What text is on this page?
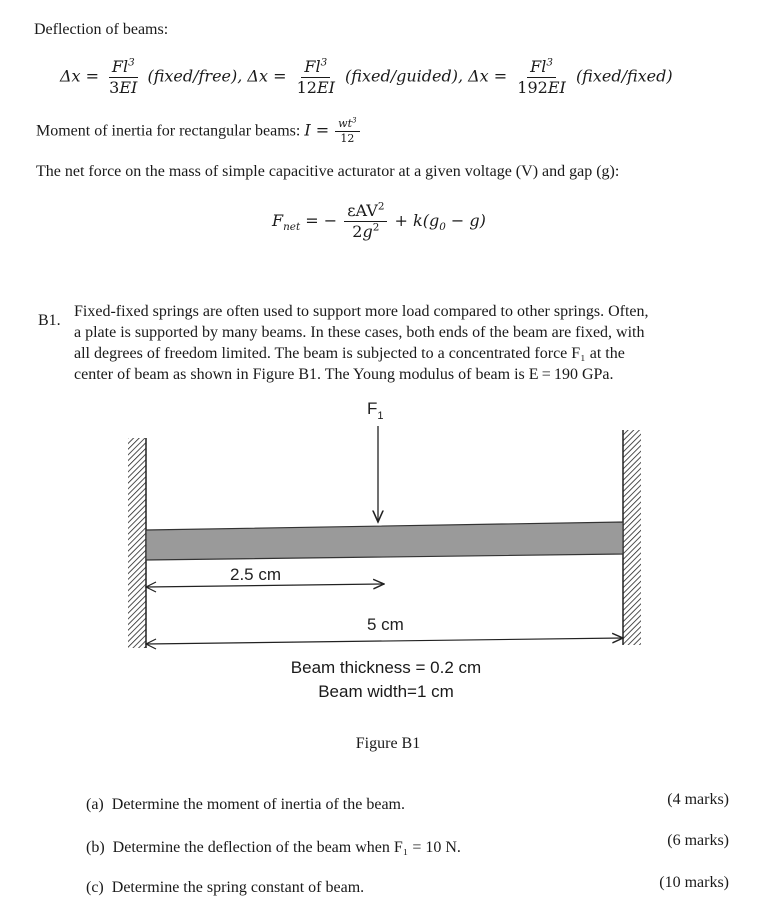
Deflection of beams:
$\Delta x = \frac{Fl^3}{3EI}$ (fixed/free), $\Delta x = \frac{Fl^3}{12EI}$ (fixed/guided), $\Delta x = \frac{Fl^3}{192EI}$ (fixed/fixed)
Moment of inertia for rectangular beams: $I = \frac{wt^3}{12}$
The net force on the mass of simple capacitive acturator at a given voltage (V) and gap (g):
$F_{net}$ = − $\frac{\varepsilon AV^2}{2g^2} + k(g_0 - g)$
B1.
Fixed-fixed springs are often used to support more load compared to other springs. Often,
a plate is supported by many beams. In these cases, both ends of the beam are fixed, with
all degrees of freedom limited. The beam is subjected to a concentrated force F₁ at the
center of beam as shown in Figure B1. The Young modulus of beam is E = 190 GPa.
$F_1$
2.5 cm
5 cm
Beam thickness = 0.2 cm
Beam width=1 cm
Figure B1
(a) Determine the moment of inertia of the beam.	(4 marks)
(b) Determine the deflection of the beam when F₁ = 10 N.	(6 marks)
(c) Determine the spring constant of beam.	(10 marks)
